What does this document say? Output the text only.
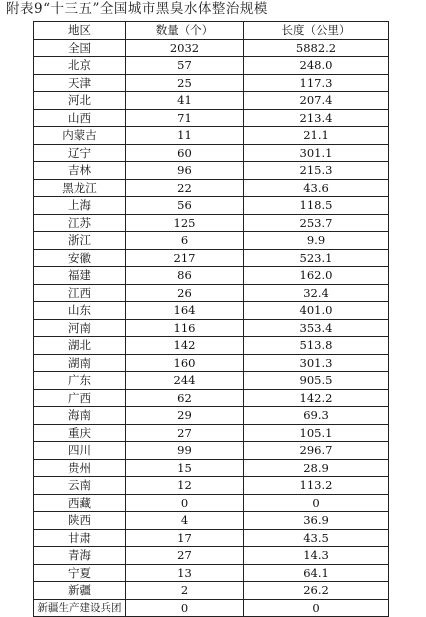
附表9“十三五”全国城市黑臭水体整治规模
地区	数量（个）	长度（公里）
全国	2032	5882.2
北京	57	248.0
天津	25	117.3
河北	41	207.4
山西	71	213.4
内蒙古	11	21.1
辽宁	60	301.1
吉林	96	215.3
黑龙江	22	43.6
上海	56	118.5
江苏	125	253.7
浙江	6	9.9
安徽	217	523.1
福建	86	162.0
江西	26	32.4
山东	164	401.0
河南	116	353.4
湖北	142	513.8
湖南	160	301.3
广东	244	905.5
广西	62	142.2
海南	29	69.3
重庆	27	105.1
四川	99	296.7
贵州	15	28.9
云南	12	113.2
西藏	0	0
陕西	4	36.9
甘肃	17	43.5
青海	27	14.3
宁夏	13	64.1
新疆	2	26.2
新疆生产建设兵团	0	0
